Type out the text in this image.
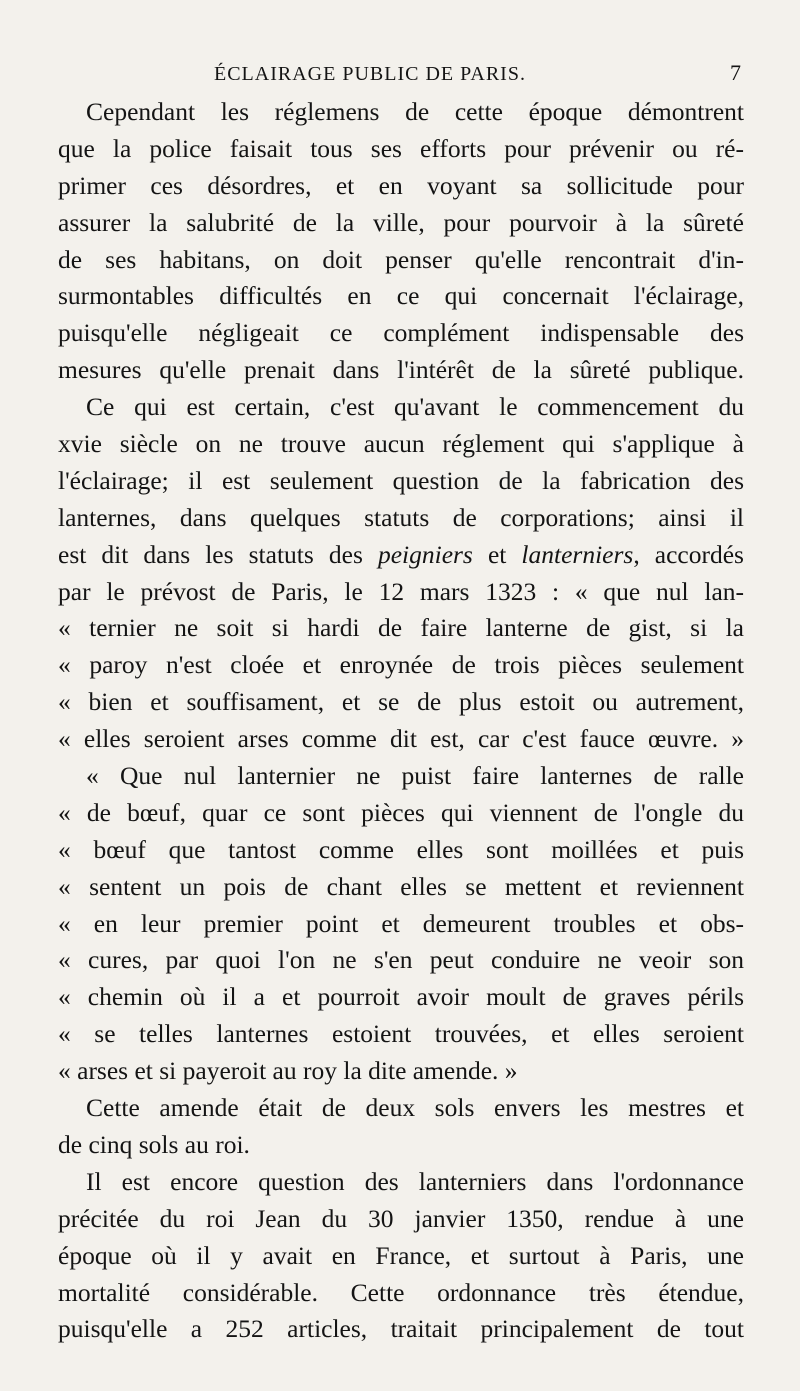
ÉCLAIRAGE PUBLIC DE PARIS.	7
Cependant les réglemens de cette époque démontrent
que la police faisait tous ses efforts pour prévenir ou ré-
primer ces désordres, et en voyant sa sollicitude pour
assurer la salubrité de la ville, pour pourvoir à la sûreté
de ses habitans, on doit penser qu'elle rencontrait d'in-
surmontables difficultés en ce qui concernait l'éclairage,
puisqu'elle négligeait ce complément indispensable des
mesures qu'elle prenait dans l'intérêt de la sûreté publique.
Ce qui est certain, c'est qu'avant le commencement du
xvie siècle on ne trouve aucun réglement qui s'applique à
l'éclairage; il est seulement question de la fabrication des
lanternes, dans quelques statuts de corporations; ainsi il
est dit dans les statuts des peigniers et lanterniers, accordés
par le prévost de Paris, le 12 mars 1323 : « que nul lan-
« ternier ne soit si hardi de faire lanterne de gist, si la
« paroy n'est cloée et enroynée de trois pièces seulement
« bien et souffisament, et se de plus estoit ou autrement,
« elles seroient arses comme dit est, car c'est fauce œuvre. »
« Que nul lanternier ne puist faire lanternes de ralle
« de bœuf, quar ce sont pièces qui viennent de l'ongle du
« bœuf que tantost comme elles sont moillées et puis
« sentent un pois de chant elles se mettent et reviennent
« en leur premier point et demeurent troubles et obs-
« cures, par quoi l'on ne s'en peut conduire ne veoir son
« chemin où il a et pourroit avoir moult de graves périls
« se telles lanternes estoient trouvées, et elles seroient
« arses et si payeroit au roy la dite amende. »
Cette amende était de deux sols envers les mestres et
de cinq sols au roi.
Il est encore question des lanterniers dans l'ordonnance
précitée du roi Jean du 30 janvier 1350, rendue à une
époque où il y avait en France, et surtout à Paris, une
mortalité considérable. Cette ordonnance très étendue,
puisqu'elle a 252 articles, traitait principalement de tout
